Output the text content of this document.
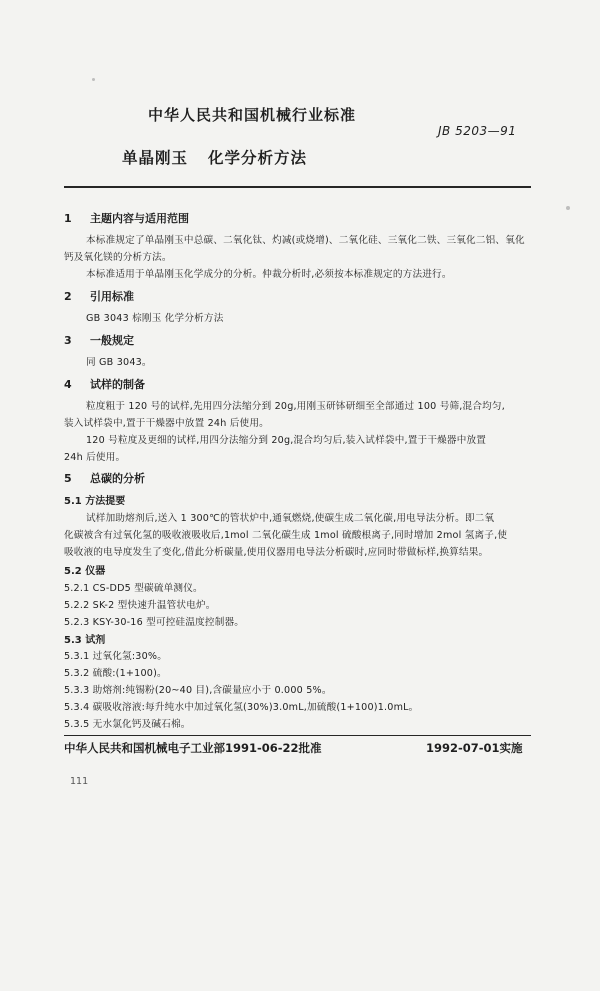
中华人民共和国机械行业标准
JB 5203—91
单晶刚玉 化学分析方法
1 主题内容与适用范围
本标准规定了单晶刚玉中总碳、二氧化钛、灼减(或烧增)、二氧化硅、三氧化二铁、三氧化二铝、氧化
钙及氧化镁的分析方法。
本标准适用于单晶刚玉化学成分的分析。仲裁分析时,必须按本标准规定的方法进行。
2 引用标准
GB 3043 棕刚玉 化学分析方法
3 一般规定
同 GB 3043。
4 试样的制备
粒度粗于 120 号的试样,先用四分法缩分到 20g,用刚玉研钵研细至全部通过 100 号筛,混合均匀,
装入试样袋中,置于干燥器中放置 24h 后使用。
120 号粒度及更细的试样,用四分法缩分到 20g,混合均匀后,装入试样袋中,置于干燥器中放置
24h 后使用。
5 总碳的分析
5.1 方法提要
试样加助熔剂后,送入 1 300℃的管状炉中,通氧燃烧,使碳生成二氧化碳,用电导法分析。即二氧
化碳被含有过氧化氢的吸收液吸收后,1mol 二氧化碳生成 1mol 硫酸根离子,同时增加 2mol 氢离子,使
吸收液的电导度发生了变化,借此分析碳量,使用仪器用电导法分析碳时,应同时带做标样,换算结果。
5.2 仪器
5.2.1 CS-DD5 型碳硫单测仪。
5.2.2 SK-2 型快速升温管状电炉。
5.2.3 KSY-30-16 型可控硅温度控制器。
5.3 试剂
5.3.1 过氧化氢:30%。
5.3.2 硫酸:(1+100)。
5.3.3 助熔剂:纯锡粉(20~40 目),含碳量应小于 0.000 5%。
5.3.4 碳吸收溶液:每升纯水中加过氧化氢(30%)3.0mL,加硫酸(1+100)1.0mL。
5.3.5 无水氯化钙及碱石棉。
中华人民共和国机械电子工业部1991-06-22批准	1992-07-01实施
111
